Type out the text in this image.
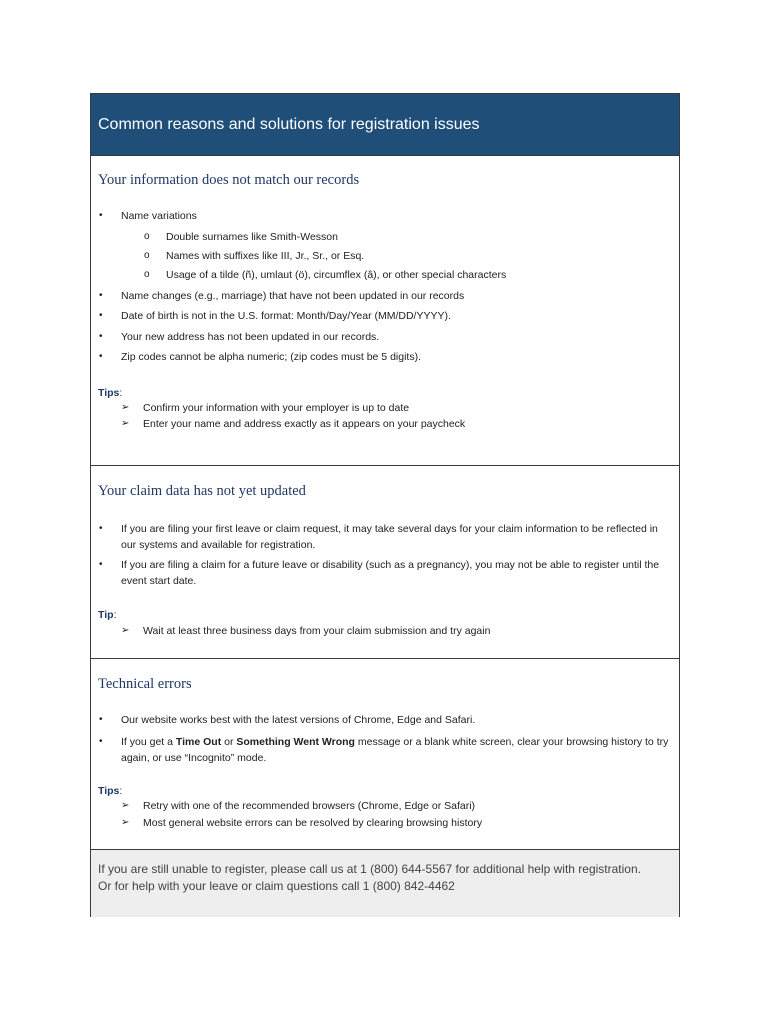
Common reasons and solutions for registration issues
Your information does not match our records
• Name variations
o Double surnames like Smith-Wesson
o Names with suffixes like III, Jr., Sr., or Esq.
o Usage of a tilde (ñ), umlaut (ö), circumflex (â), or other special characters
• Name changes (e.g., marriage) that have not been updated in our records
• Date of birth is not in the U.S. format: Month/Day/Year (MM/DD/YYYY).
• Your new address has not been updated in our records.
• Zip codes cannot be alpha numeric; (zip codes must be 5 digits).
Tips:
➢ Confirm your information with your employer is up to date
➢ Enter your name and address exactly as it appears on your paycheck
Your claim data has not yet updated
• If you are filing your first leave or claim request, it may take several days for your claim information to be reflected in our systems and available for registration.
• If you are filing a claim for a future leave or disability (such as a pregnancy), you may not be able to register until the event start date.
Tip:
➢ Wait at least three business days from your claim submission and try again
Technical errors
• Our website works best with the latest versions of Chrome, Edge and Safari.
• If you get a Time Out or Something Went Wrong message or a blank white screen, clear your browsing history to try again, or use “Incognito” mode.
Tips:
➢ Retry with one of the recommended browsers (Chrome, Edge or Safari)
➢ Most general website errors can be resolved by clearing browsing history
If you are still unable to register, please call us at 1 (800) 644-5567 for additional help with registration.
Or for help with your leave or claim questions call 1 (800) 842-4462
